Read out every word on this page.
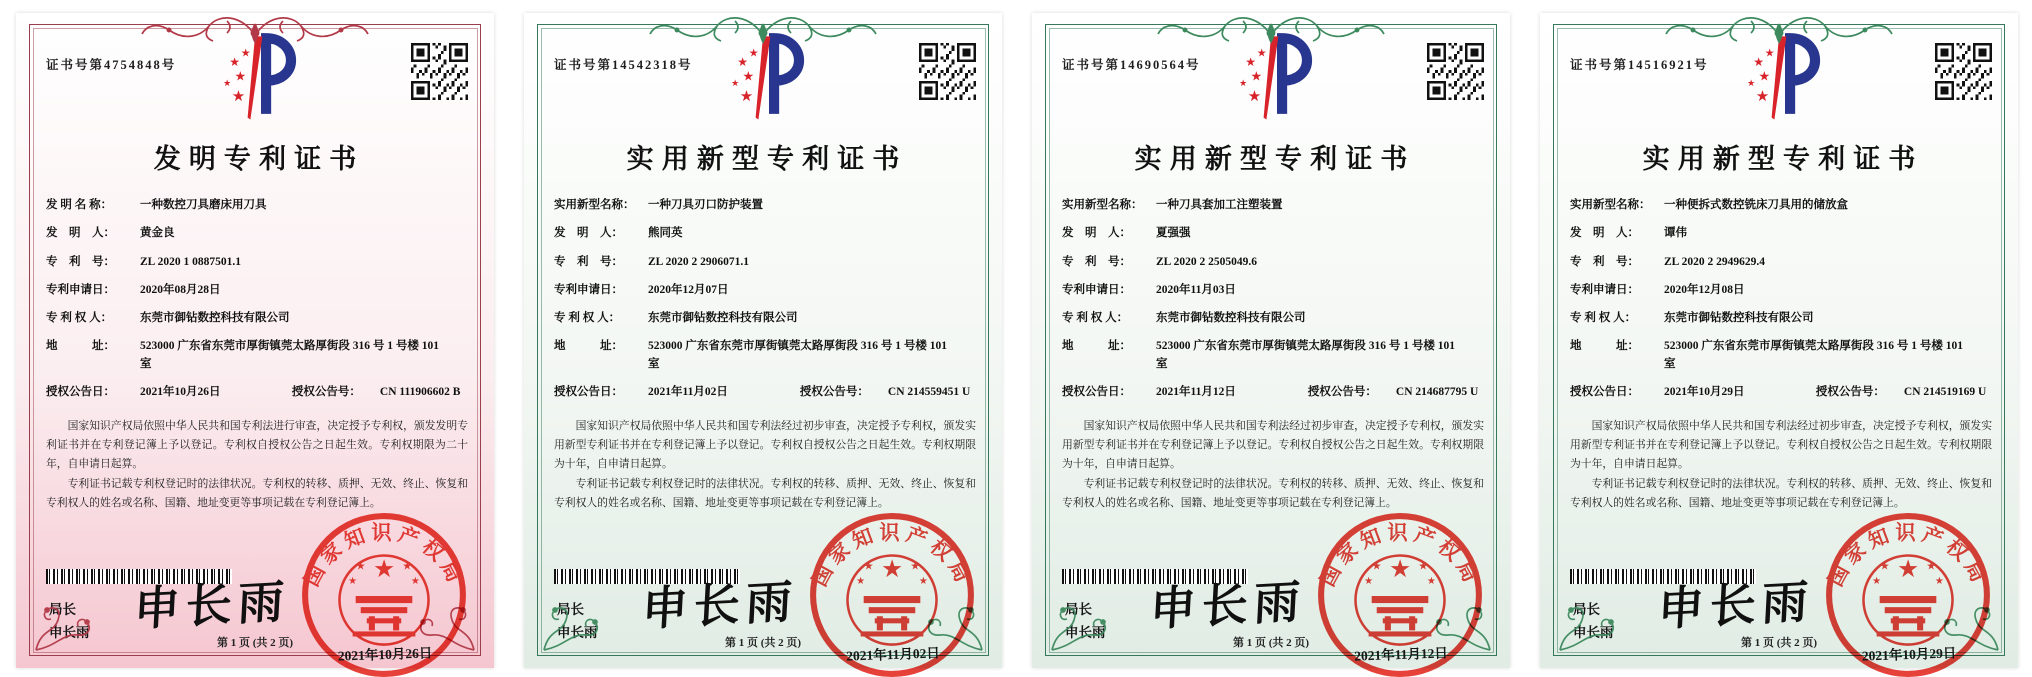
证书号第4754848号
★
★
★
★
★
发明专利证书
发 明 名 称：	一种数控刀具磨床用刀具
发　明　人：	黄金良
专　利　号：	ZL 2020 1 0887501.1
专利申请日：	2020年08月28日
专 利 权 人：	东莞市御钻数控科技有限公司
地　　　址：	523000 广东省东莞市厚街镇莞太路厚街段 316 号 1 号楼 101
室
授权公告日：	2021年10月26日	授权公告号：	CN 111906602 B

国家知识产权局依照中华人民共和国专利法进行审查，决定授予专利权，颁发发明专利证书并在专利登记簿上予以登记。专利权自授权公告之日起生效。专利权期限为二十年，自申请日起算。

专利证书记载专利权登记时的法律状况。专利权的转移、质押、无效、终止、恢复和专利权人的姓名或名称、国籍、地址变更等事项记载在专利登记簿上。

局长
申长雨 申长雨
国家知识产权局
★
★	★
★	★
2021年10月26日
第 1 页 (共 2 页)
证书号第14542318号
★
★
★
★
★
实用新型专利证书
实用新型名称：	一种刀具刃口防护装置
发　明　人：	熊同英
专　利　号：	ZL 2020 2 2906071.1
专利申请日：	2020年12月07日
专 利 权 人：	东莞市御钻数控科技有限公司
地　　　址：	523000 广东省东莞市厚街镇莞太路厚街段 316 号 1 号楼 101
室
授权公告日：	2021年11月02日	授权公告号：	CN 214559451 U

国家知识产权局依照中华人民共和国专利法经过初步审查，决定授予专利权，颁发实用新型专利证书并在专利登记簿上予以登记。专利权自授权公告之日起生效。专利权期限为十年，自申请日起算。

专利证书记载专利权登记时的法律状况。专利权的转移、质押、无效、终止、恢复和专利权人的姓名或名称、国籍、地址变更等事项记载在专利登记簿上。

局长
申长雨 申长雨
国家知识产权局
★
★	★
★	★
2021年11月02日
第 1 页 (共 2 页)
证书号第14690564号
★
★
★
★
★
实用新型专利证书
实用新型名称：	一种刀具套加工注塑装置
发　明　人：	夏强强
专　利　号：	ZL 2020 2 2505049.6
专利申请日：	2020年11月03日
专 利 权 人：	东莞市御钻数控科技有限公司
地　　　址：	523000 广东省东莞市厚街镇莞太路厚街段 316 号 1 号楼 101
室
授权公告日：	2021年11月12日	授权公告号：	CN 214687795 U

国家知识产权局依照中华人民共和国专利法经过初步审查，决定授予专利权，颁发实用新型专利证书并在专利登记簿上予以登记。专利权自授权公告之日起生效。专利权期限为十年，自申请日起算。

专利证书记载专利权登记时的法律状况。专利权的转移、质押、无效、终止、恢复和专利权人的姓名或名称、国籍、地址变更等事项记载在专利登记簿上。

局长
申长雨 申长雨
国家知识产权局
★
★	★
★	★
2021年11月12日
第 1 页 (共 2 页)
证书号第14516921号
★
★
★
★
★
实用新型专利证书
实用新型名称：	一种便拆式数控铣床刀具用的储放盒
发　明　人：	谭伟
专　利　号：	ZL 2020 2 2949629.4
专利申请日：	2020年12月08日
专 利 权 人：	东莞市御钻数控科技有限公司
地　　　址：	523000 广东省东莞市厚街镇莞太路厚街段 316 号 1 号楼 101
室
授权公告日：	2021年10月29日	授权公告号：	CN 214519169 U

国家知识产权局依照中华人民共和国专利法经过初步审查，决定授予专利权，颁发实用新型专利证书并在专利登记簿上予以登记。专利权自授权公告之日起生效。专利权期限为十年，自申请日起算。

专利证书记载专利权登记时的法律状况。专利权的转移、质押、无效、终止、恢复和专利权人的姓名或名称、国籍、地址变更等事项记载在专利登记簿上。

局长
申长雨 申长雨
国家知识产权局
★
★	★
★	★
2021年10月29日
第 1 页 (共 2 页)
